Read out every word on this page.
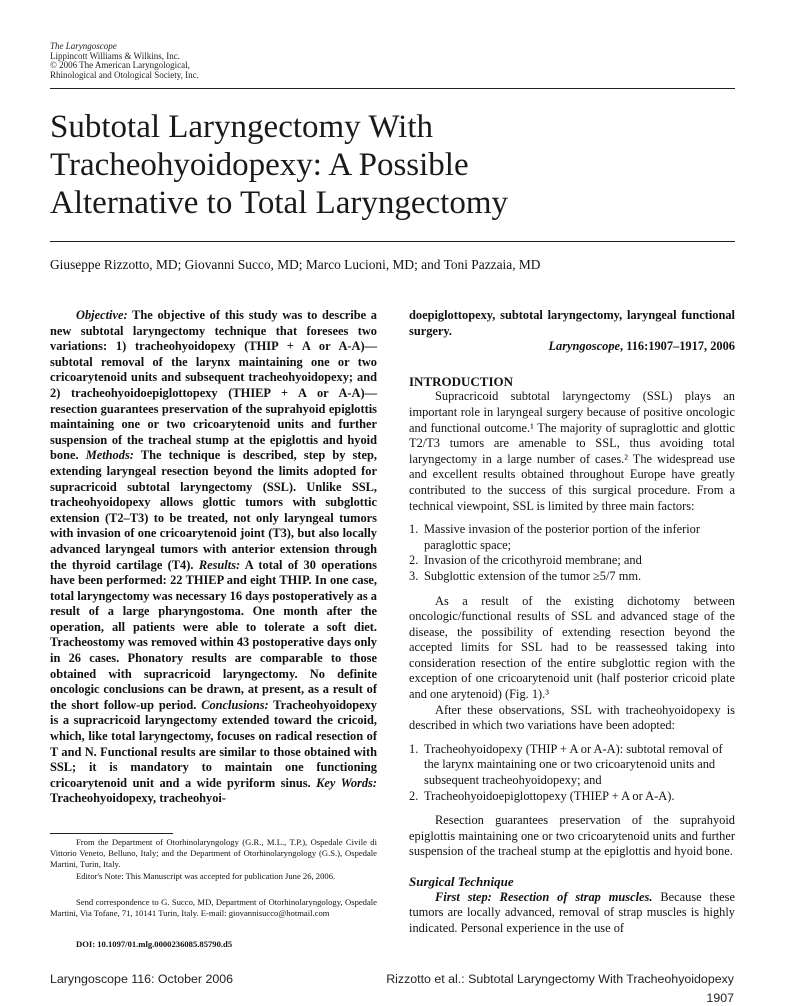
The Laryngoscope
Lippincott Williams & Wilkins, Inc.
© 2006 The American Laryngological,
Rhinological and Otological Society, Inc.
Subtotal Laryngectomy With
Tracheohyoidopexy: A Possible
Alternative to Total Laryngectomy
Giuseppe Rizzotto, MD; Giovanni Succo, MD; Marco Lucioni, MD; and Toni Pazzaia, MD

Objective: The objective of this study was to describe a new subtotal laryngectomy technique that foresees two variations: 1) tracheohyoidopexy (THIP + A or A-A)—subtotal removal of the larynx maintaining one or two cricoarytenoid units and subsequent tracheohyoidopexy; and 2) tracheohyoidoepiglottopexy (THIEP + A or A-A)—resection guarantees preservation of the suprahyoid epiglottis maintaining one or two cricoarytenoid units and further suspension of the tracheal stump at the epiglottis and hyoid bone. Methods: The technique is described, step by step, extending laryngeal resection beyond the limits adopted for supracricoid subtotal laryngectomy (SSL). Unlike SSL, tracheohyoidopexy allows glottic tumors with subglottic extension (T2–T3) to be treated, not only laryngeal tumors with invasion of one cricoarytenoid joint (T3), but also locally advanced laryngeal tumors with anterior extension through the thyroid cartilage (T4). Results: A total of 30 operations have been performed: 22 THIEP and eight THIP. In one case, total laryngectomy was necessary 16 days postoperatively as a result of a large pharyngostoma. One month after the operation, all patients were able to tolerate a soft diet. Tracheostomy was removed within 43 postoperative days only in 26 cases. Phonatory results are comparable to those obtained with supracricoid laryngectomy. No definite oncologic conclusions can be drawn, at present, as a result of the short follow-up period. Conclusions: Tracheohyoidopexy is a supracricoid laryngectomy extended toward the cricoid, which, like total laryngectomy, focuses on radical resection of T and N. Functional results are similar to those obtained with SSL; it is mandatory to maintain one functioning cricoarytenoid unit and a wide pyriform sinus. Key Words: Tracheohyoidopexy, tracheohyoi-

From the Department of Otorhinolaryngology (G.R., M.L., T.P.), Ospedale Civile di Vittorio Veneto, Belluno, Italy; and the Department of Otorhinolaryngology (G.S.), Ospedale Martini, Turin, Italy.
Editor's Note: This Manuscript was accepted for publication June 26, 2006.
Send correspondence to G. Succo, MD, Department of Otorhinolaryngology, Ospedale Martini, Via Tofane, 71, 10141 Turin, Italy. E-mail: giovannisucco@hotmail.com
DOI: 10.1097/01.mlg.0000236085.85790.d5

doepiglottopexy, subtotal laryngectomy, laryngeal functional surgery.

Laryngoscope, 116:1907–1917, 2006

INTRODUCTION

Supracricoid subtotal laryngectomy (SSL) plays an important role in laryngeal surgery because of positive oncologic and functional outcome.¹ The majority of supraglottic and glottic T2/T3 tumors are amenable to SSL, thus avoiding total laryngectomy in a large number of cases.² The widespread use and excellent results obtained throughout Europe have greatly contributed to the success of this surgical procedure. From a technical viewpoint, SSL is limited by three main factors:

1. Massive invasion of the posterior portion of the inferior paraglottic space;
2. Invasion of the cricothyroid membrane; and
3. Subglottic extension of the tumor ≥5/7 mm.

As a result of the existing dichotomy between oncologic/functional results of SSL and advanced stage of the disease, the possibility of extending resection beyond the accepted limits for SSL had to be reassessed taking into consideration resection of the entire subglottic region with the exception of one cricoarytenoid unit (half posterior cricoid plate and one arytenoid) (Fig. 1).³

After these observations, SSL with tracheohyoidopexy is described in which two variations have been adopted:

1. Tracheohyoidopexy (THIP + A or A-A): subtotal removal of the larynx maintaining one or two cricoarytenoid units and subsequent tracheohyoidopexy; and
2. Tracheohyoidoepiglottopexy (THIEP + A or A-A).

Resection guarantees preservation of the suprahyoid epiglottis maintaining one or two cricoarytenoid units and further suspension of the tracheal stump at the epiglottis and hyoid bone.

Surgical Technique

First step: Resection of strap muscles. Because these tumors are locally advanced, removal of strap muscles is highly indicated. Personal experience in the use of

Laryngoscope 116: October 2006	Rizzotto et al.: Subtotal Laryngectomy With Tracheohyoidopexy
1907
